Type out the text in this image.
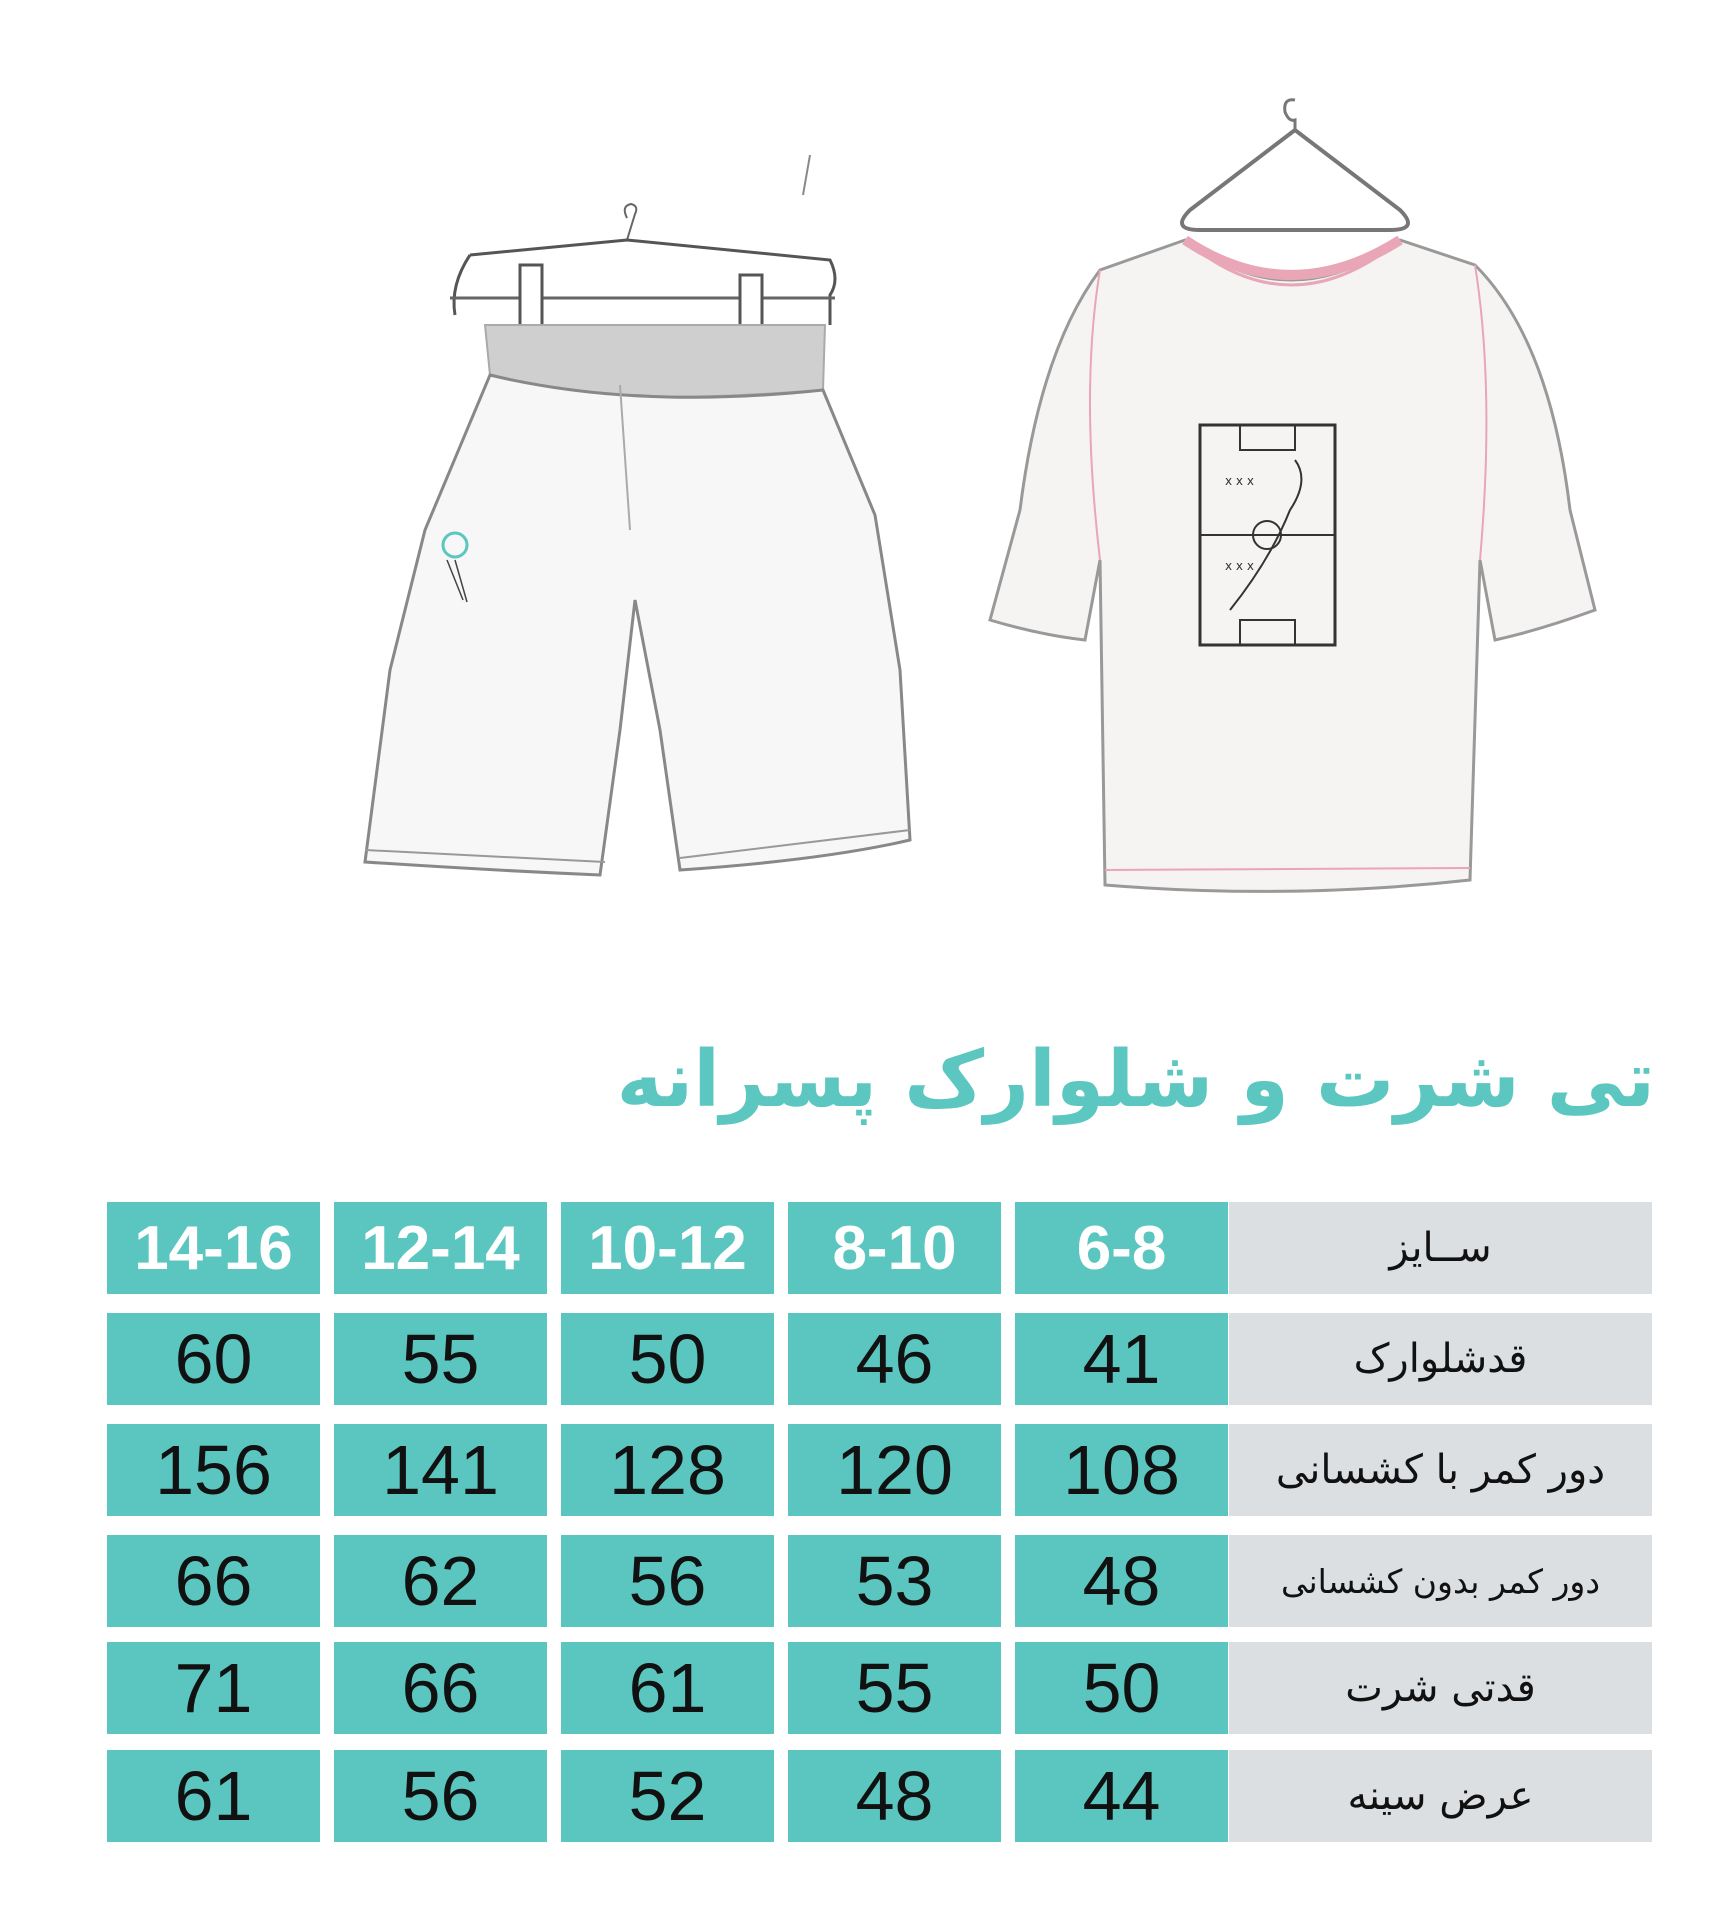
x x x
x x x
تی شرت و شلوارک پسرانه
14-16	12-14	10-12	8-10	6-8	ســایز
60	55	50	46	41	قدشلوارک
156	141	128	120	108	دور کمر با کشسانی
66	62	56	53	48	دور کمر بدون کشسانی
71	66	61	55	50	قدتی شرت
61	56	52	48	44	عرض سینه
